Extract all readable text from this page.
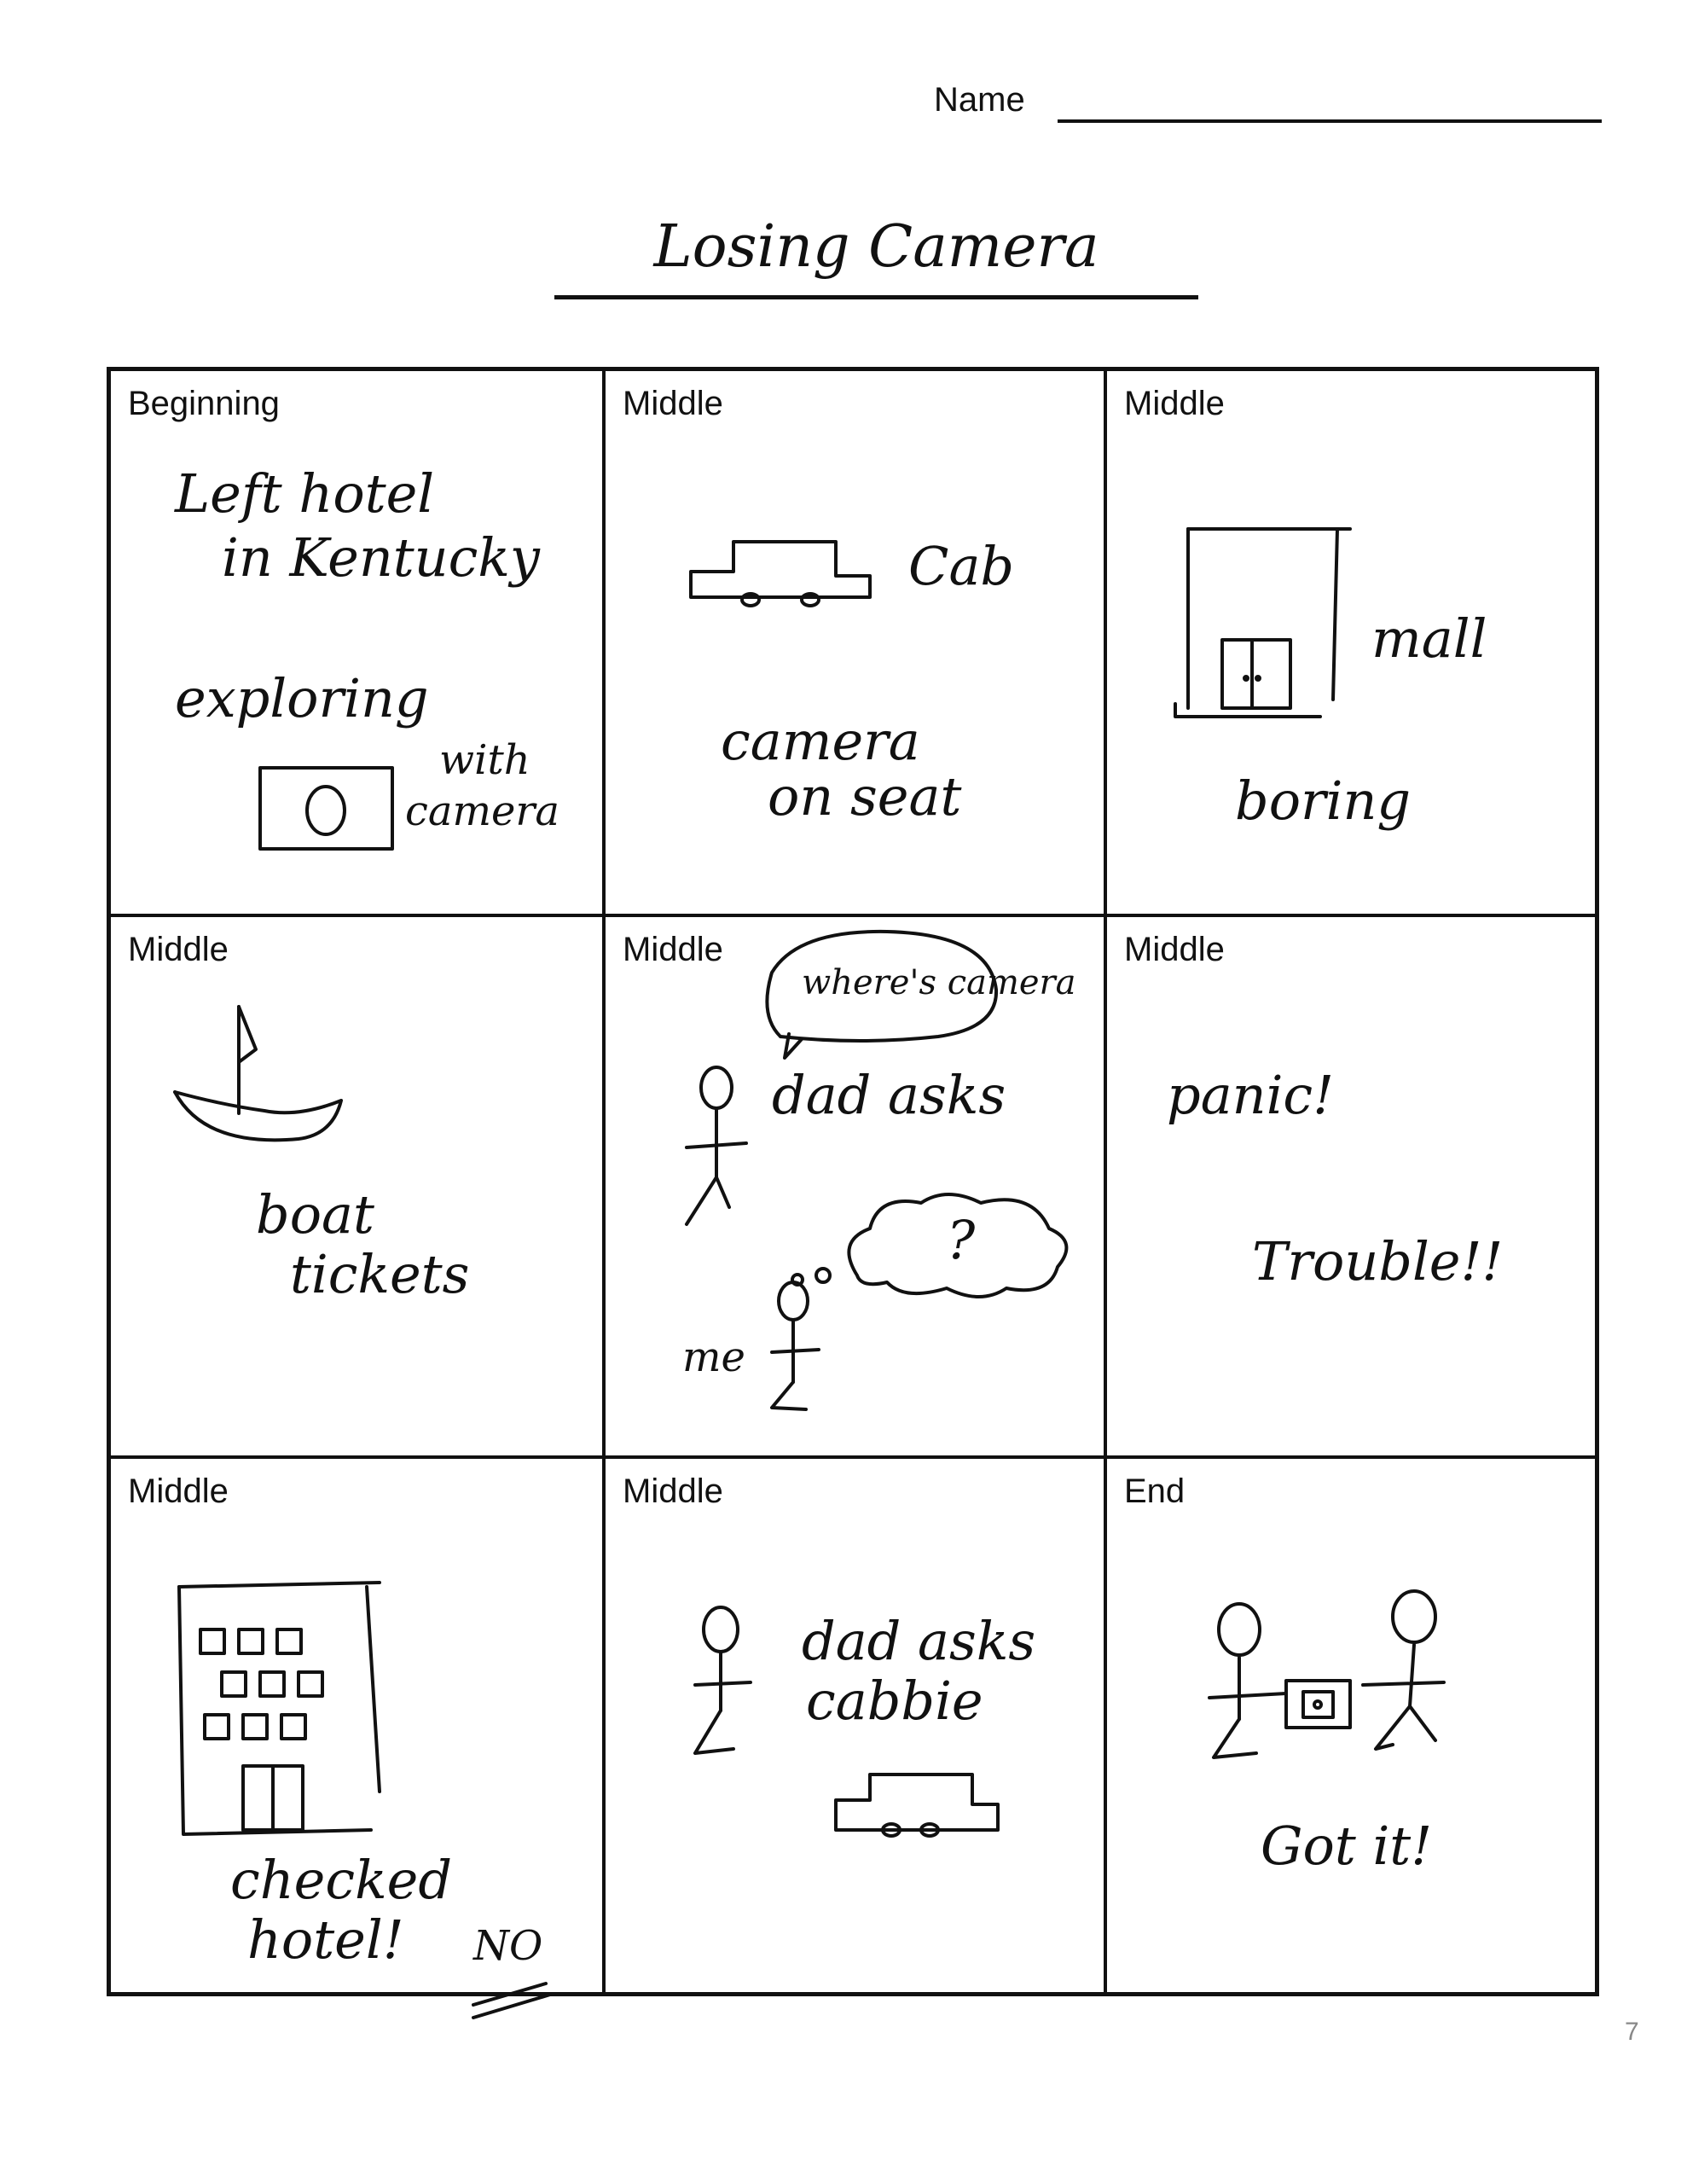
Name
Losing Camera
Beginning
Left hotel
in Kentucky
exploring
with
camera
Middle
Cab
camera
on seat
Middle
mall
boring
Middle
boat
tickets
Middle
where's camera
dad asks
?
me
Middle
panic!
Trouble!!
Middle
checked
hotel! NO
Middle
dad asks
cabbie
End
Got it!
7
